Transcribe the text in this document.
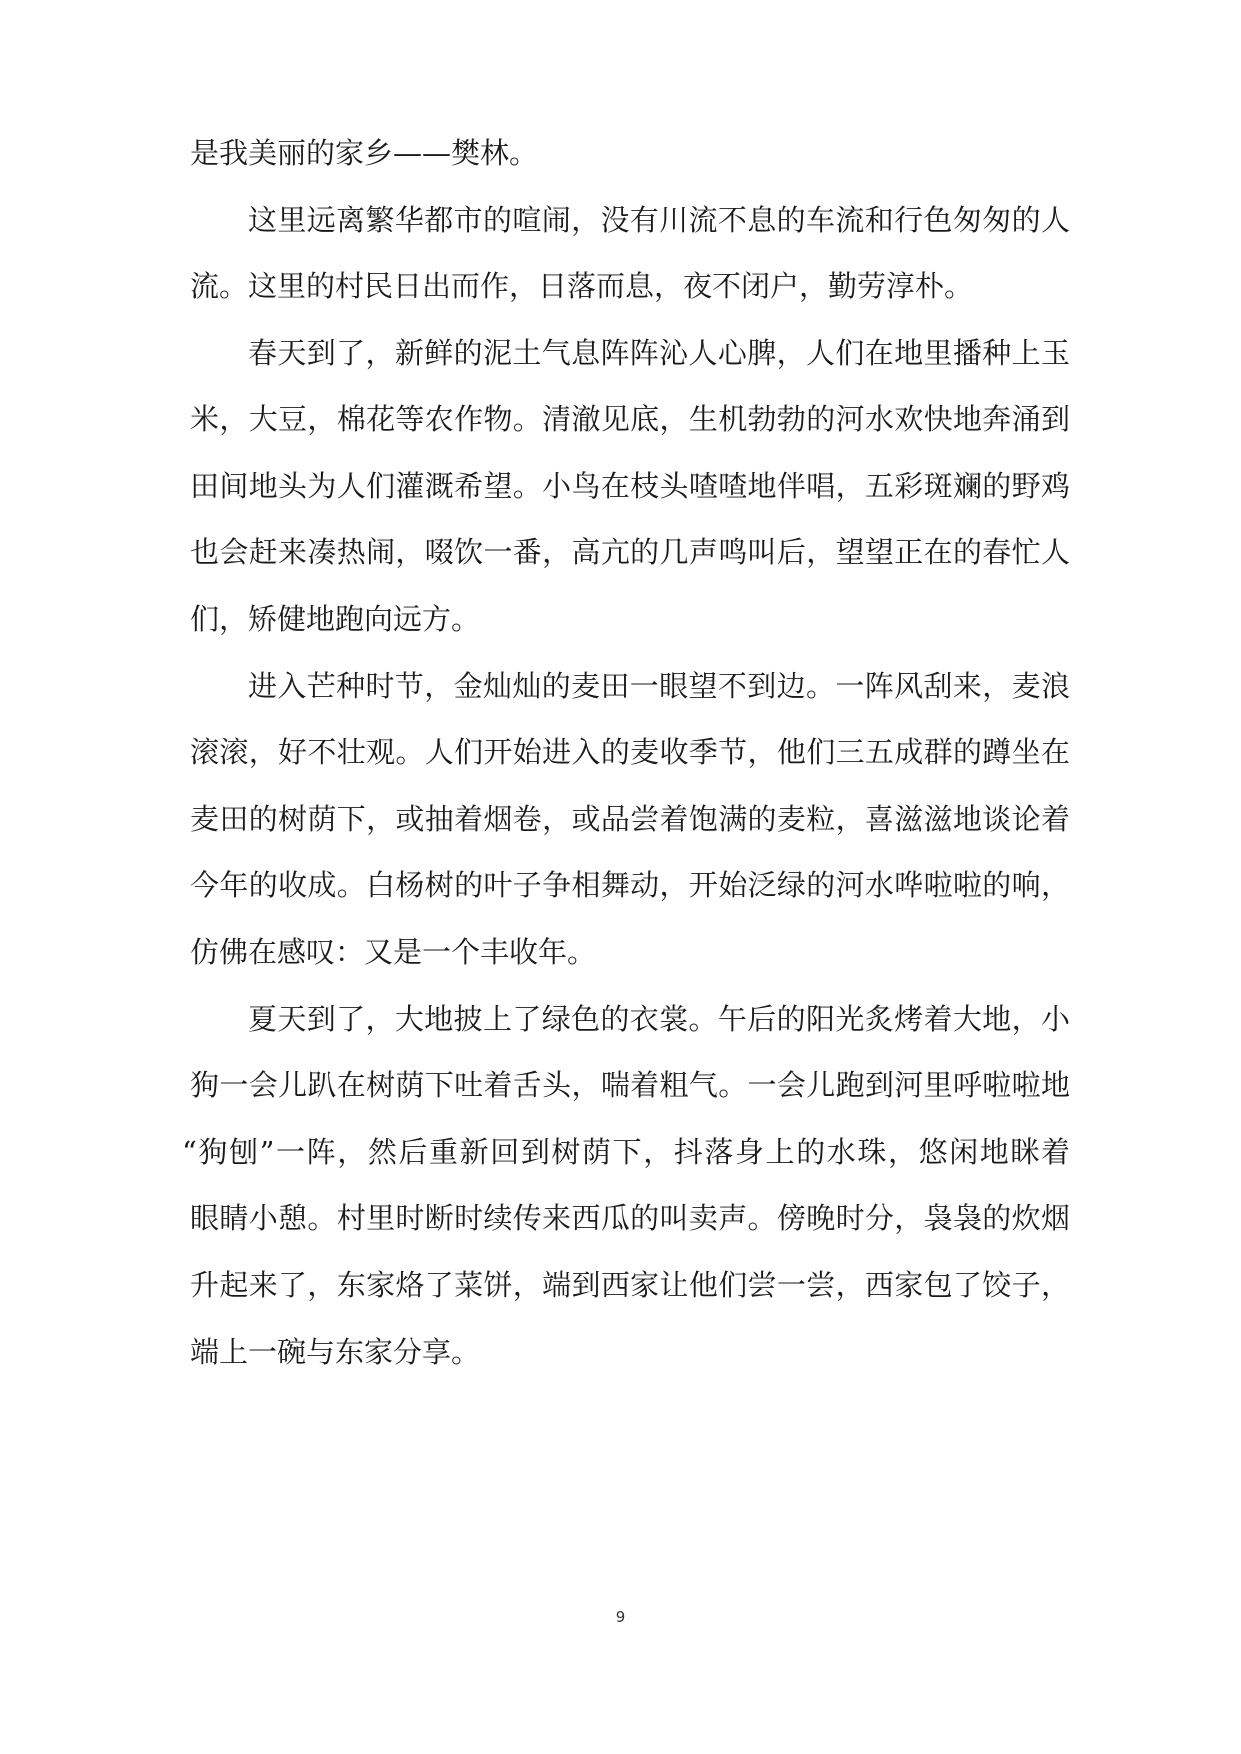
是我美丽的家乡——樊林。
这里远离繁华都市的喧闹，没有川流不息的车流和行色匆匆的人
流。这里的村民日出而作，日落而息，夜不闭户，勤劳淳朴。
春天到了，新鲜的泥土气息阵阵沁人心脾，人们在地里播种上玉
米，大豆，棉花等农作物。清澈见底，生机勃勃的河水欢快地奔涌到
田间地头为人们灌溉希望。小鸟在枝头喳喳地伴唱，五彩斑斓的野鸡
也会赶来凑热闹，啜饮一番，高亢的几声鸣叫后，望望正在的春忙人
们，矫健地跑向远方。
进入芒种时节，金灿灿的麦田一眼望不到边。一阵风刮来，麦浪
滚滚，好不壮观。人们开始进入的麦收季节，他们三五成群的蹲坐在
麦田的树荫下，或抽着烟卷，或品尝着饱满的麦粒，喜滋滋地谈论着
今年的收成。白杨树的叶子争相舞动，开始泛绿的河水哗啦啦的响，
仿佛在感叹：又是一个丰收年。
夏天到了，大地披上了绿色的衣裳。午后的阳光炙烤着大地，小
狗一会儿趴在树荫下吐着舌头，喘着粗气。一会儿跑到河里呼啦啦地
“狗刨”一阵，然后重新回到树荫下，抖落身上的水珠，悠闲地眯着
眼睛小憩。村里时断时续传来西瓜的叫卖声。傍晚时分，袅袅的炊烟
升起来了，东家烙了菜饼，端到西家让他们尝一尝，西家包了饺子，
端上一碗与东家分享。
9
